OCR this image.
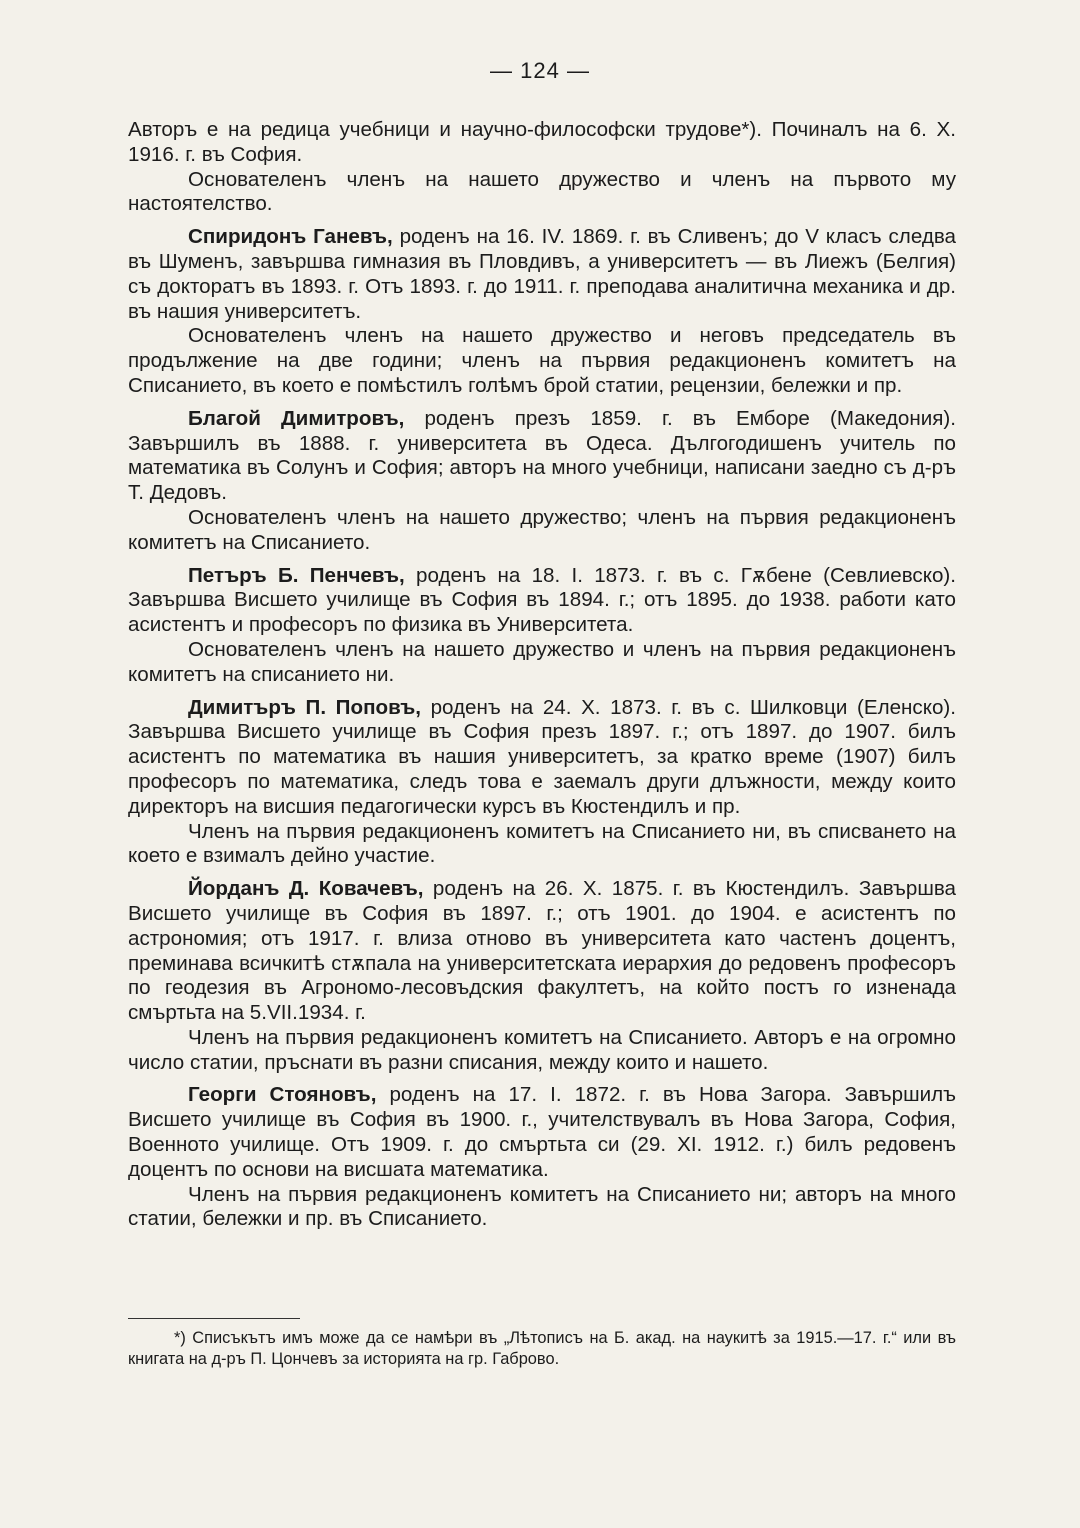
— 124 —

Авторъ е на редица учебници и научно-философски трудове*). Починалъ на 6. X. 1916. г. въ София.

Основателенъ членъ на нашето дружество и членъ на първото му настоятелство.

Спиридонъ Ганевъ, роденъ на 16. IV. 1869. г. въ Сливенъ; до V класъ следва въ Шуменъ, завършва гимназия въ Пловдивъ, а университетъ — въ Лиежъ (Белгия) съ докторатъ въ 1893. г. Отъ 1893. г. до 1911. г. преподава аналитична механика и др. въ нашия университетъ.

Основателенъ членъ на нашето дружество и неговъ председатель въ продължение на две години; членъ на първия редакционенъ комитетъ на Списанието, въ което е помѣстилъ голѣмъ брой статии, рецензии, бележки и пр.

Благой Димитровъ, роденъ презъ 1859. г. въ Емборе (Македония). Завършилъ въ 1888. г. университета въ Одеса. Дългогодишенъ учитель по математика въ Солунъ и София; авторъ на много учебници, написани заедно съ д-ръ Т. Дедовъ.

Основателенъ членъ на нашето дружество; членъ на първия редакционенъ комитетъ на Списанието.

Петъръ Б. Пенчевъ, роденъ на 18. I. 1873. г. въ с. Гѫбене (Севлиевско). Завършва Висшето училище въ София въ 1894. г.; отъ 1895. до 1938. работи като асистентъ и професоръ по физика въ Университета.

Основателенъ членъ на нашето дружество и членъ на първия редакционенъ комитетъ на списанието ни.

Димитъръ П. Поповъ, роденъ на 24. X. 1873. г. въ с. Шилковци (Еленско). Завършва Висшето училище въ София презъ 1897. г.; отъ 1897. до 1907. билъ асистентъ по математика въ нашия университетъ, за кратко време (1907) билъ професоръ по математика, следъ това е заемалъ други длъжности, между които директоръ на висшия педагогически курсъ въ Кюстендилъ и пр.

Членъ на първия редакционенъ комитетъ на Списанието ни, въ списването на което е взималъ дейно участие.

Йорданъ Д. Ковачевъ, роденъ на 26. X. 1875. г. въ Кюстендилъ. Завършва Висшето училище въ София въ 1897. г.; отъ 1901. до 1904. е асистентъ по астрономия; отъ 1917. г. влиза отново въ университета като частенъ доцентъ, преминава всичкитѣ стѫпала на университетската иерархия до редовенъ професоръ по геодезия въ Агрономо-лесовъдския факултетъ, на който постъ го изненада смъртьта на 5.VII.1934. г.

Членъ на първия редакционенъ комитетъ на Списанието. Авторъ е на огромно число статии, пръснати въ разни списания, между които и нашето.

Георги Стояновъ, роденъ на 17. I. 1872. г. въ Нова Загора. Завършилъ Висшето училище въ София въ 1900. г., учителствувалъ въ Нова Загора, София, Военното училище. Отъ 1909. г. до смъртьта си (29. XI. 1912. г.) билъ редовенъ доцентъ по основи на висшата математика.

Членъ на първия редакционенъ комитетъ на Списанието ни; авторъ на много статии, бележки и пр. въ Списанието.

*) Списъкътъ имъ може да се намѣри въ „Лѣтописъ на Б. акад. на наукитѣ за 1915.—17. г.“ или въ книгата на д-ръ П. Цончевъ за историята на гр. Габрово.
